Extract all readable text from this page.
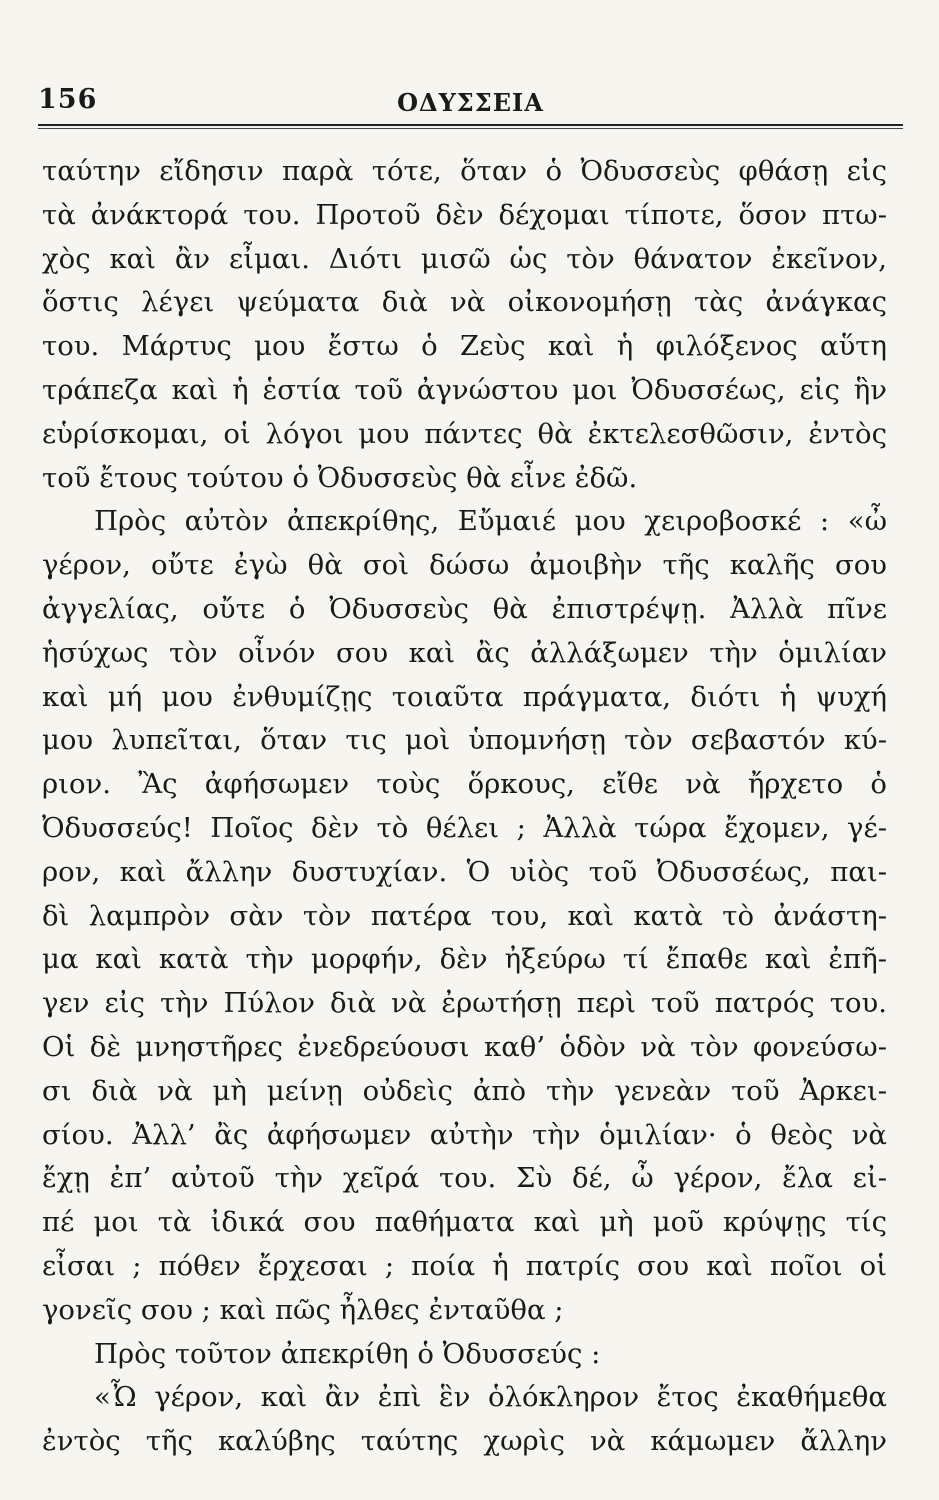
156	ΟΔΥΣΣΕΙΑ
ταύτην εἴδησιν παρὰ τότε, ὅταν ὁ Ὀδυσσεὺς φθάσῃ εἰς
τὰ ἀνάκτορά του. Προτοῦ δὲν δέχομαι τίποτε, ὅσον πτω-
χὸς καὶ ἂν εἶμαι. Διότι μισῶ ὡς τὸν θάνατον ἐκεῖνον,
ὅστις λέγει ψεύματα διὰ νὰ οἰκονομήσῃ τὰς ἀνάγκας
του. Μάρτυς μου ἔστω ὁ Ζεὺς καὶ ἡ φιλόξενος αὕτη
τράπεζα καὶ ἡ ἑστία τοῦ ἀγνώστου μοι Ὀδυσσέως, εἰς ἣν
εὑρίσκομαι, οἱ λόγοι μου πάντες θὰ ἐκτελεσθῶσιν, ἐντὸς
τοῦ ἔτους τούτου ὁ Ὀδυσσεὺς θὰ εἶνε ἐδῶ.
Πρὸς αὐτὸν ἀπεκρίθης, Εὔμαιέ μου χειροβοσκέ : «ὦ
γέρον, οὔτε ἐγὼ θὰ σοὶ δώσω ἀμοιβὴν τῆς καλῆς σου
ἀγγελίας, οὔτε ὁ Ὀδυσσεὺς θὰ ἐπιστρέψῃ. Ἀλλὰ πῖνε
ἡσύχως τὸν οἶνόν σου καὶ ἂς ἀλλάξωμεν τὴν ὁμιλίαν
καὶ μή μου ἐνθυμίζῃς τοιαῦτα πράγματα, διότι ἡ ψυχή
μου λυπεῖται, ὅταν τις μοὶ ὑπομνήσῃ τὸν σεβαστόν κύ-
ριον. Ἂς ἀφήσωμεν τοὺς ὅρκους, εἴθε νὰ ἤρχετο ὁ
Ὀδυσσεύς! Ποῖος δὲν τὸ θέλει ; Ἀλλὰ τώρα ἔχομεν, γέ-
ρον, καὶ ἄλλην δυστυχίαν. Ὁ υἱὸς τοῦ Ὀδυσσέως, παι-
δὶ λαμπρὸν σὰν τὸν πατέρα του, καὶ κατὰ τὸ ἀνάστη-
μα καὶ κατὰ τὴν μορφήν, δὲν ἠξεύρω τί ἔπαθε καὶ ἐπῆ-
γεν εἰς τὴν Πύλον διὰ νὰ ἐρωτήσῃ περὶ τοῦ πατρός του.
Οἱ δὲ μνηστῆρες ἐνεδρεύουσι καθ’ ὁδὸν νὰ τὸν φονεύσω-
σι διὰ νὰ μὴ μείνῃ οὐδεὶς ἀπὸ τὴν γενεὰν τοῦ Ἀρκει-
σίου. Ἀλλ’ ἂς ἀφήσωμεν αὐτὴν τὴν ὁμιλίαν· ὁ θεὸς νὰ
ἔχῃ ἐπ’ αὐτοῦ τὴν χεῖρά του. Σὺ δέ, ὦ γέρον, ἔλα εἰ-
πέ μοι τὰ ἰδικά σου παθήματα καὶ μὴ μοῦ κρύψῃς τίς
εἶσαι ; πόθεν ἔρχεσαι ; ποία ἡ πατρίς σου καὶ ποῖοι οἱ
γονεῖς σου ; καὶ πῶς ἦλθες ἐνταῦθα ;
Πρὸς τοῦτον ἀπεκρίθη ὁ Ὀδυσσεύς :
«Ὦ γέρον, καὶ ἂν ἐπὶ ἓν ὁλόκληρον ἔτος ἐκαθήμεθα
ἐντὸς τῆς καλύβης ταύτης χωρὶς νὰ κάμωμεν ἄλλην
